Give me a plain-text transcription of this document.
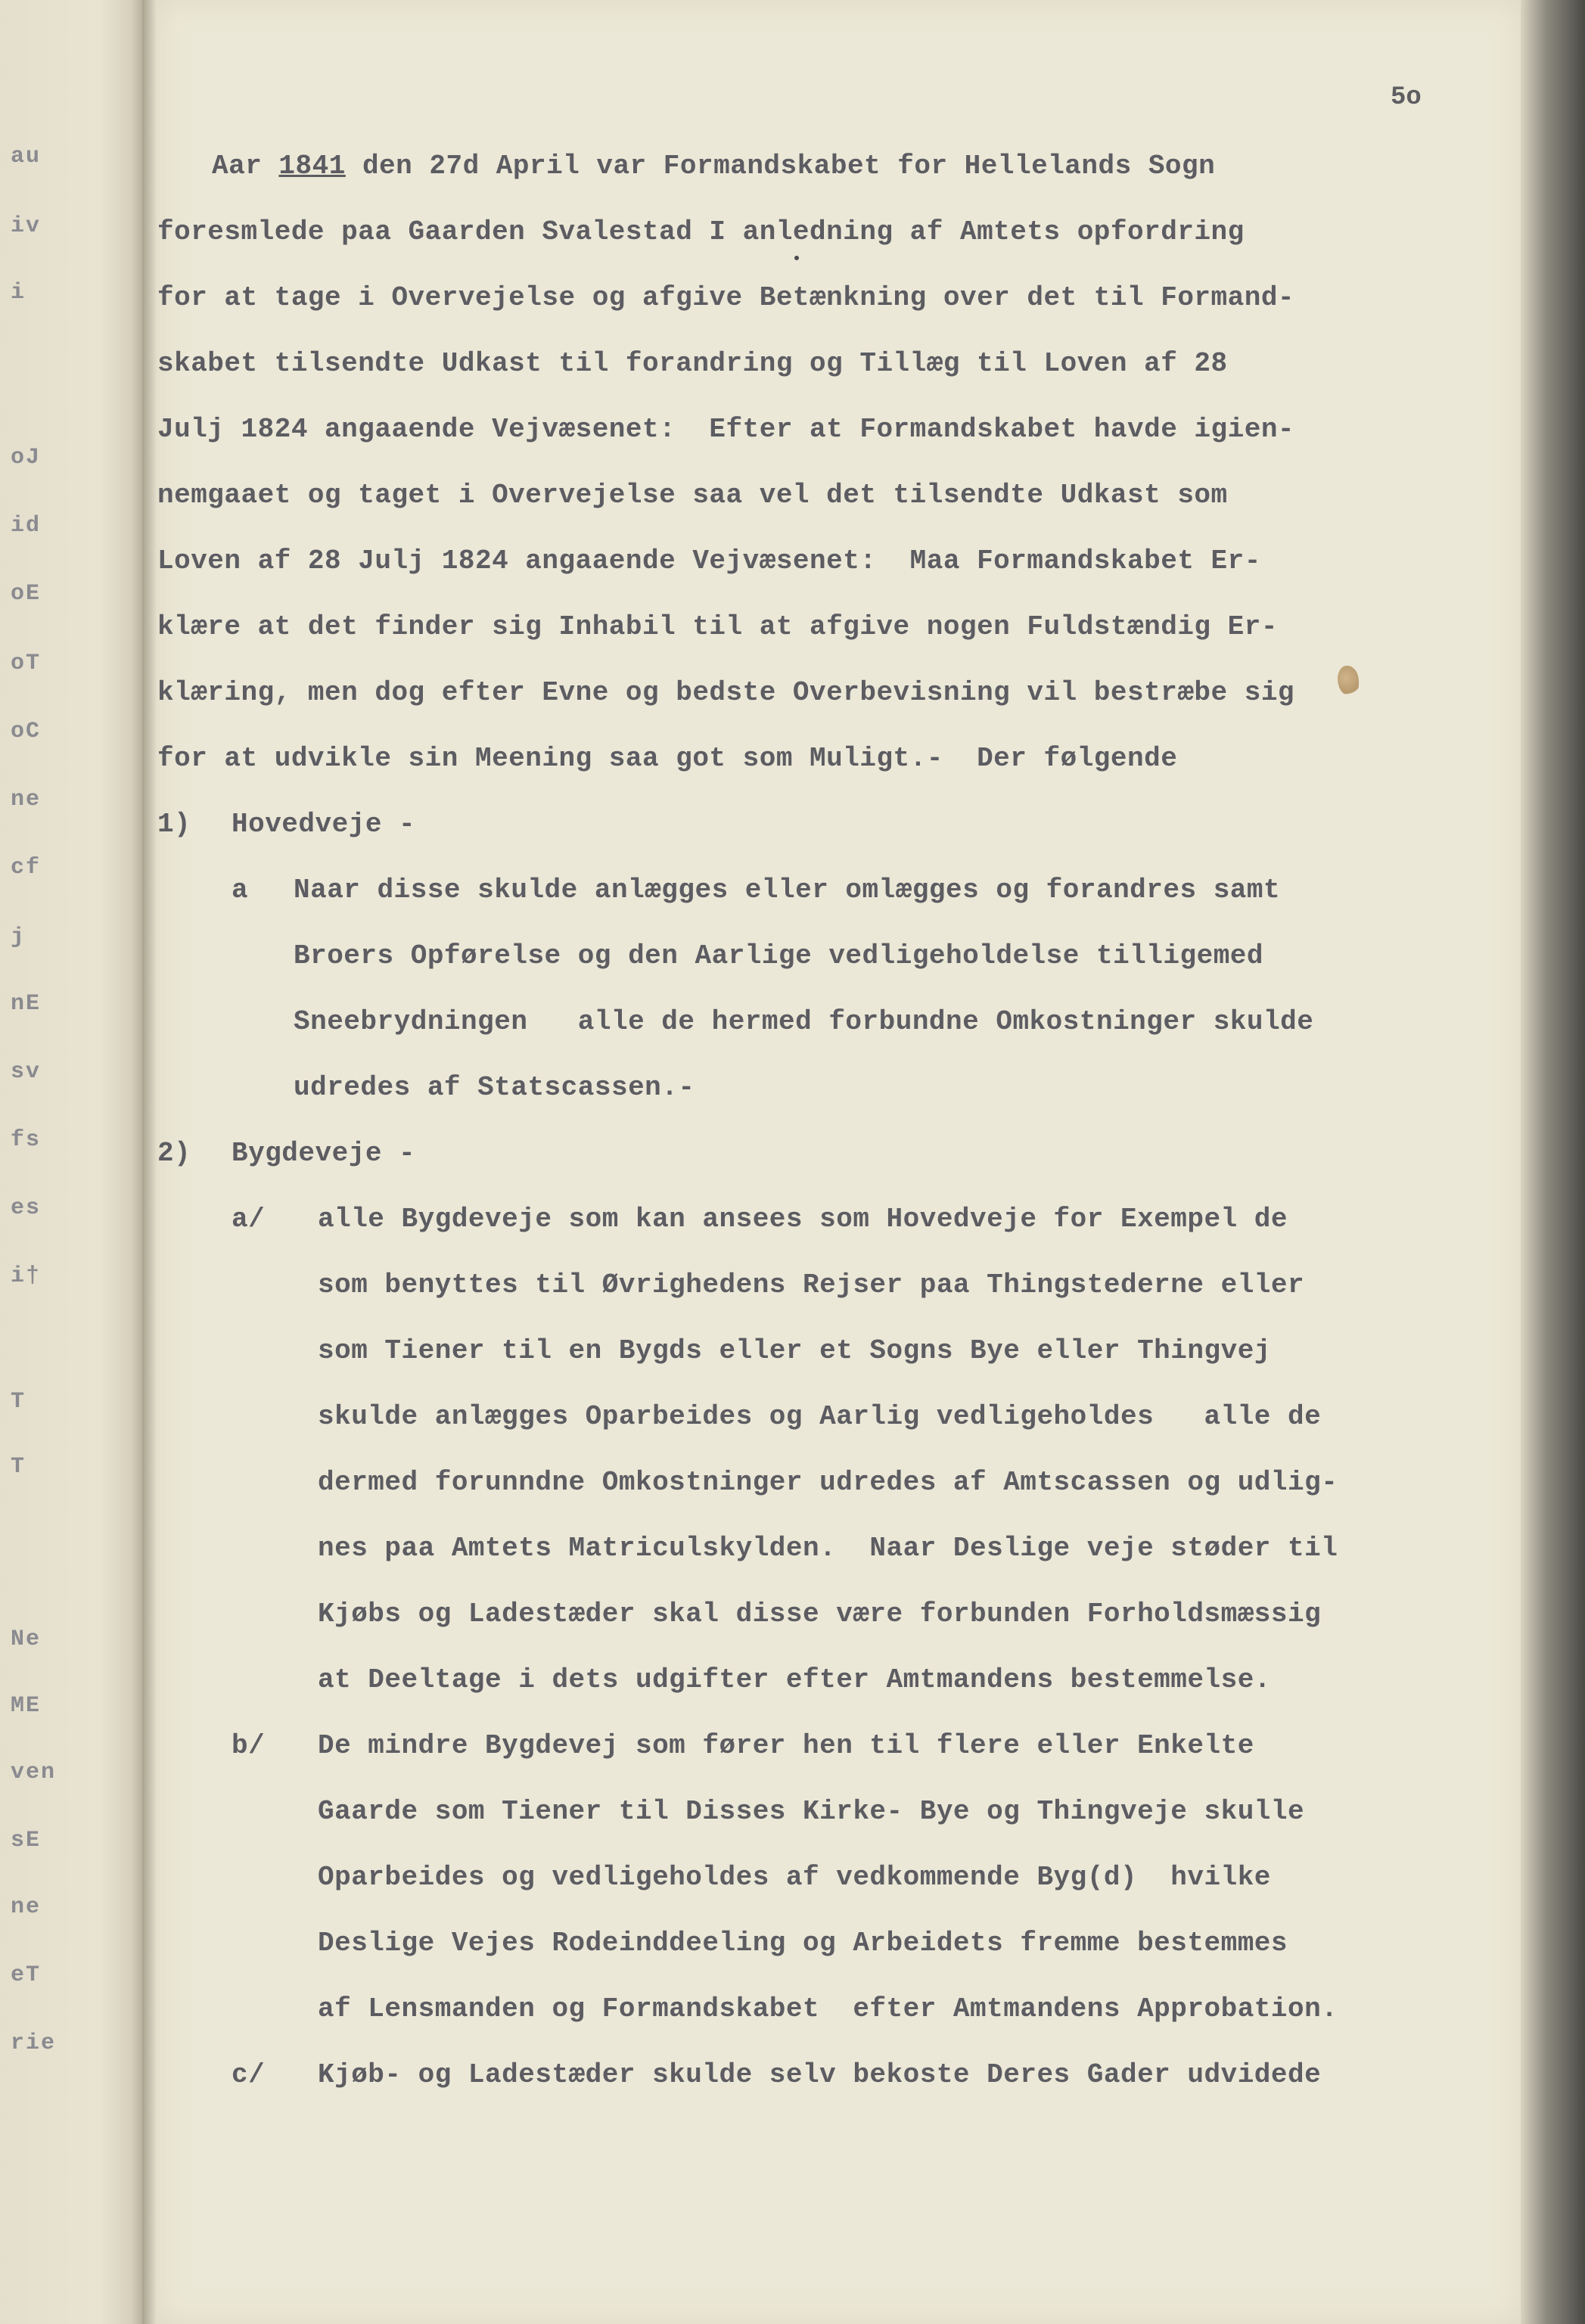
au
iv
i
oJ
id
oE
oT
oC
ne
cf
j
nE
sv
fs
es
i†
T
T
Ne
ME
ven
sE
ne
eT
rie
5o
Aar 1841 den 27d April var Formandskabet for Hellelands Sogn
foresmlede paa Gaarden Svalestad I anledning af Amtets opfordring
for at tage i Overvejelse og afgive Betænkning over det til Formand-
skabet tilsendte Udkast til forandring og Tillæg til Loven af 28
Julj 1824 angaaende Vejvæsenet:  Efter at Formandskabet havde igien-
nemgaaet og taget i Overvejelse saa vel det tilsendte Udkast som
Loven af 28 Julj 1824 angaaende Vejvæsenet:  Maa Formandskabet Er-
klære at det finder sig Inhabil til at afgive nogen Fuldstændig Er-
klæring, men dog efter Evne og bedste Overbevisning vil bestræbe sig
for at udvikle sin Meening saa got som Muligt.-  Der følgende
1) Hovedveje -
a Naar disse skulde anlægges eller omlægges og forandres samt
Broers Opførelse og den Aarlige vedligeholdelse tilligemed
Sneebrydningen   alle de hermed forbundne Omkostninger skulde
udredes af Statscassen.-
2) Bygdeveje -
a/ alle Bygdeveje som kan ansees som Hovedveje for Exempel de
som benyttes til Øvrighedens Rejser paa Thingstederne eller
som Tiener til en Bygds eller et Sogns Bye eller Thingvej
skulde anlægges Oparbeides og Aarlig vedligeholdes   alle de
dermed forunndne Omkostninger udredes af Amtscassen og udlig-
nes paa Amtets Matriculskylden.  Naar Deslige veje støder til
Kjøbs og Ladestæder skal disse være forbunden Forholdsmæssig
at Deeltage i dets udgifter efter Amtmandens bestemmelse.
b/ De mindre Bygdevej som fører hen til flere eller Enkelte
Gaarde som Tiener til Disses Kirke- Bye og Thingveje skulle
Oparbeides og vedligeholdes af vedkommende Byg(d)  hvilke
Deslige Vejes Rodeinddeeling og Arbeidets fremme bestemmes
af Lensmanden og Formandskabet  efter Amtmandens Approbation.
c/ Kjøb- og Ladestæder skulde selv bekoste Deres Gader udvidede
